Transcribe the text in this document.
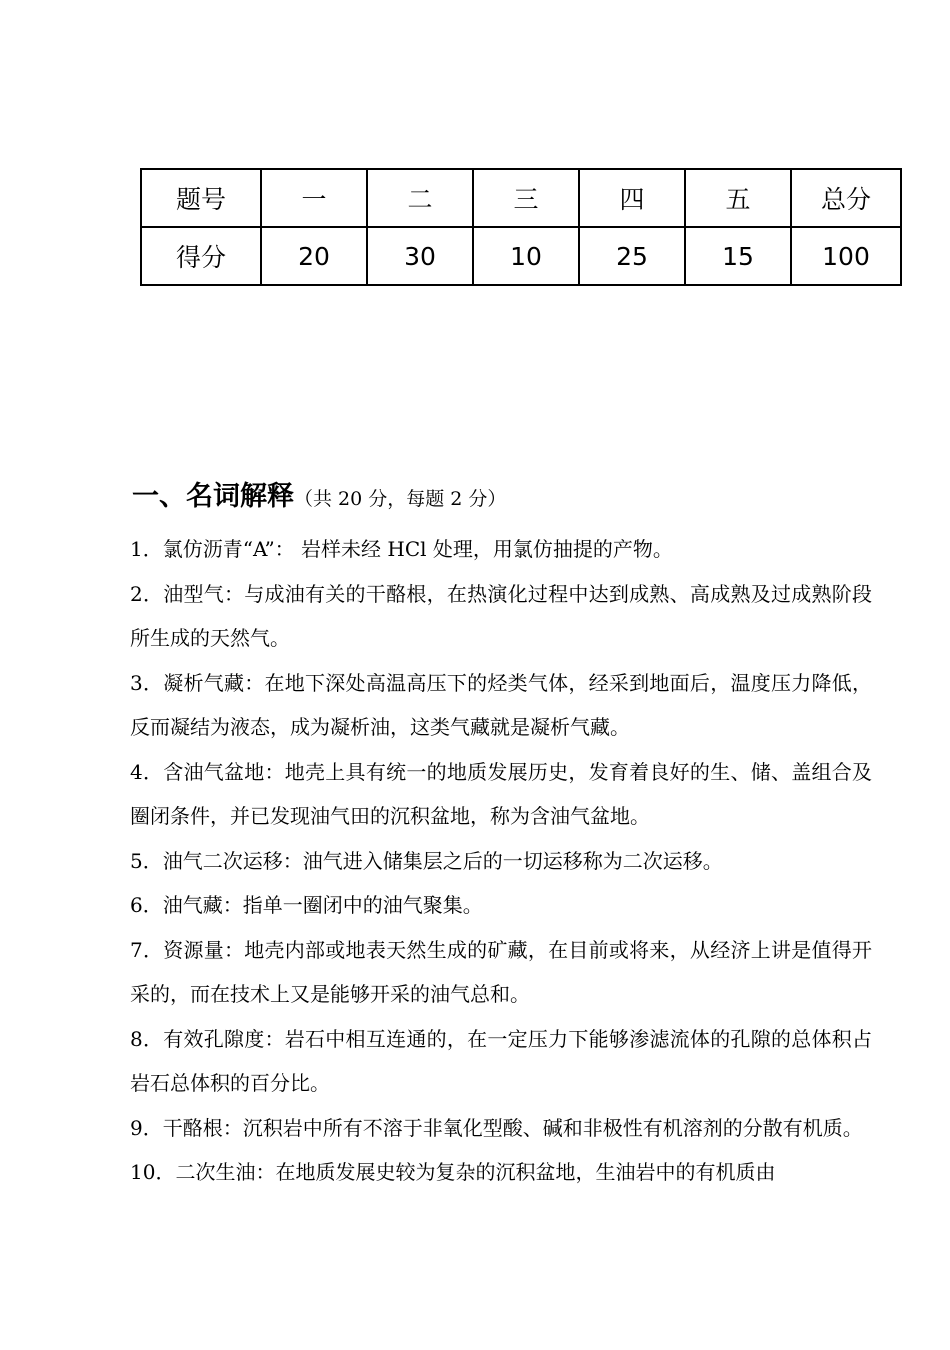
题号	一	二	三	四	五	总分
得分	20	30	10	25	15	100
一、名词解释（共 20 分，每题 2 分）
1．氯仿沥青“A”： 岩样未经 HCl 处理，用氯仿抽提的产物。
2．油型气：与成油有关的干酪根，在热演化过程中达到成熟、高成熟及过成熟阶段所生成的天然气。
3．凝析气藏：在地下深处高温高压下的烃类气体，经采到地面后，温度压力降低，反而凝结为液态，成为凝析油，这类气藏就是凝析气藏。
4．含油气盆地：地壳上具有统一的地质发展历史，发育着良好的生、储、盖组合及圈闭条件，并已发现油气田的沉积盆地，称为含油气盆地。
5．油气二次运移：油气进入储集层之后的一切运移称为二次运移。
6．油气藏：指单一圈闭中的油气聚集。
7．资源量：地壳内部或地表天然生成的矿藏，在目前或将来，从经济上讲是值得开采的，而在技术上又是能够开采的油气总和。
8．有效孔隙度：岩石中相互连通的，在一定压力下能够渗滤流体的孔隙的总体积占岩石总体积的百分比。
9．干酪根：沉积岩中所有不溶于非氧化型酸、碱和非极性有机溶剂的分散有机质。
10．二次生油：在地质发展史较为复杂的沉积盆地，生油岩中的有机质由
